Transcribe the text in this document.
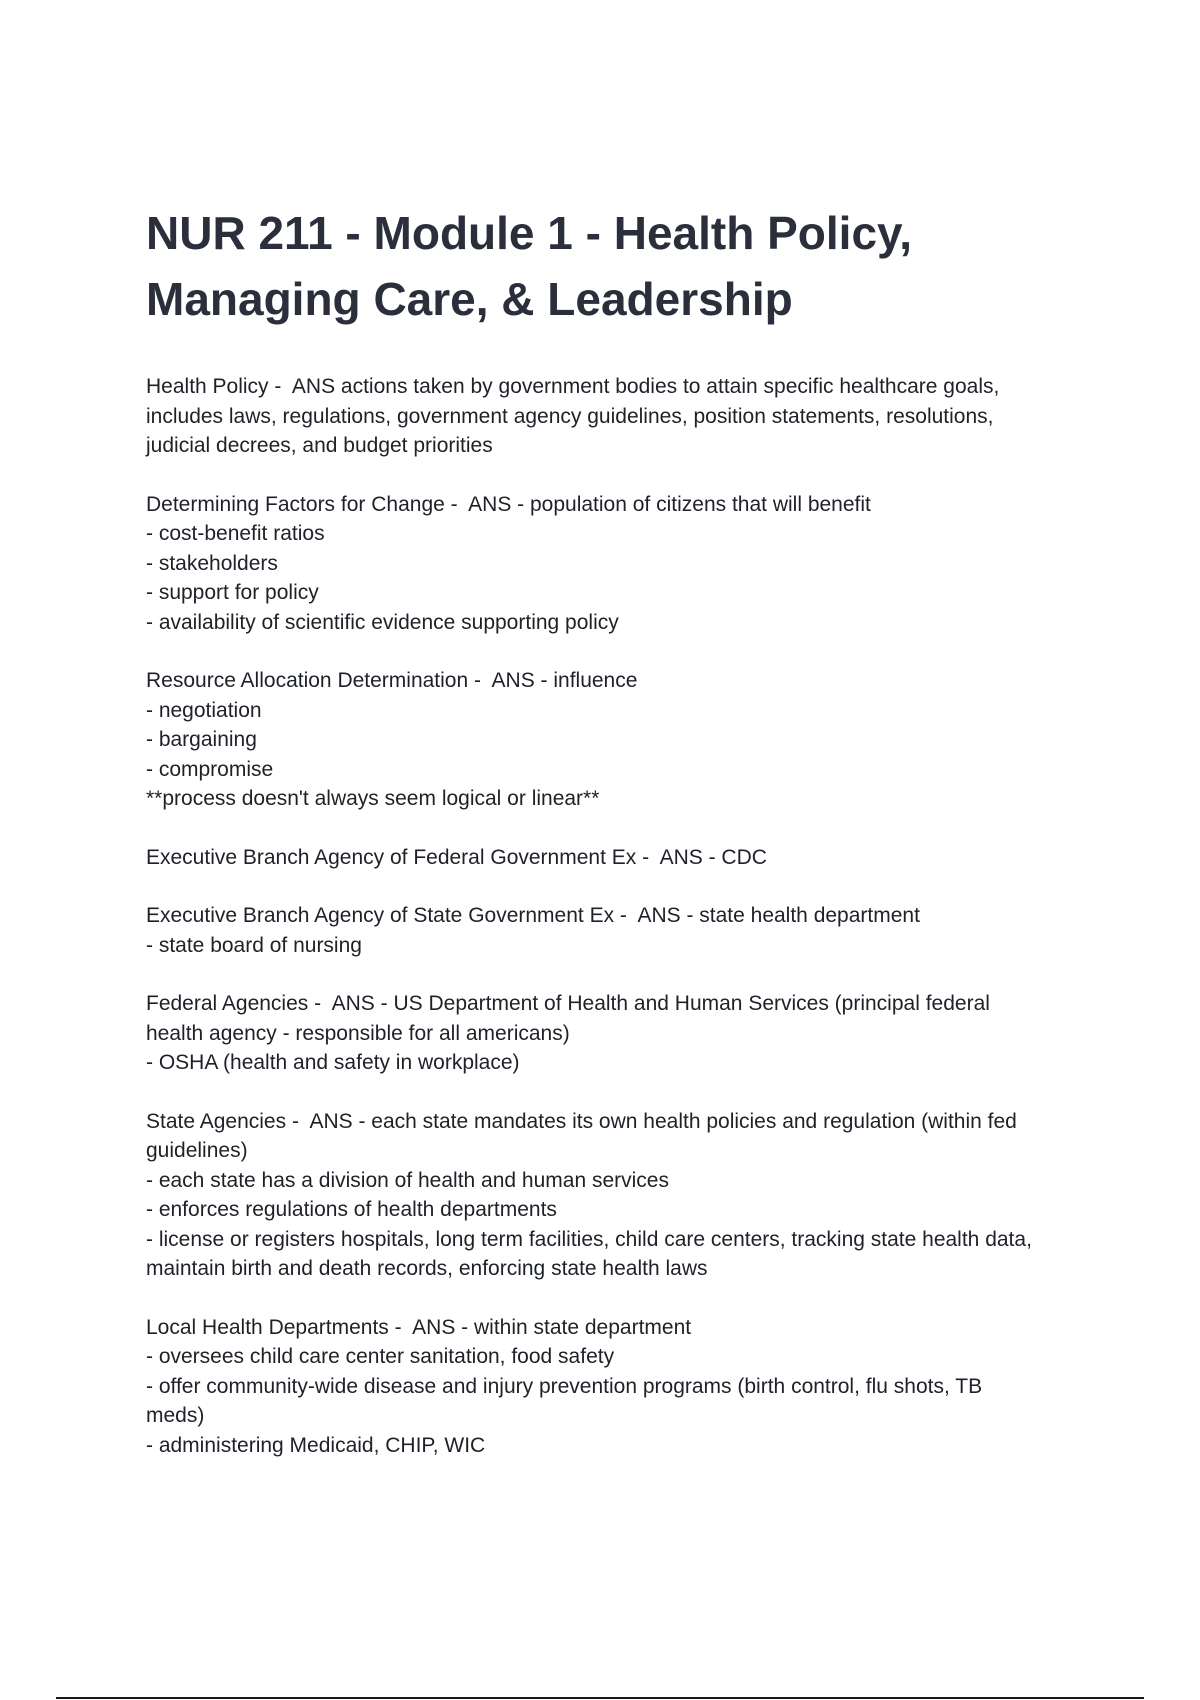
NUR 211 - Module 1 - Health Policy,
Managing Care, & Leadership
Health Policy -  ANS actions taken by government bodies to attain specific healthcare goals,
includes laws, regulations, government agency guidelines, position statements, resolutions,
judicial decrees, and budget priorities
Determining Factors for Change -  ANS - population of citizens that will benefit
- cost-benefit ratios
- stakeholders
- support for policy
- availability of scientific evidence supporting policy
Resource Allocation Determination -  ANS - influence
- negotiation
- bargaining
- compromise
**process doesn't always seem logical or linear**
Executive Branch Agency of Federal Government Ex -  ANS - CDC
Executive Branch Agency of State Government Ex -  ANS - state health department
- state board of nursing
Federal Agencies -  ANS - US Department of Health and Human Services (principal federal
health agency - responsible for all americans)
- OSHA (health and safety in workplace)
State Agencies -  ANS - each state mandates its own health policies and regulation (within fed
guidelines)
- each state has a division of health and human services
- enforces regulations of health departments
- license or registers hospitals, long term facilities, child care centers, tracking state health data,
maintain birth and death records, enforcing state health laws
Local Health Departments -  ANS - within state department
- oversees child care center sanitation, food safety
- offer community-wide disease and injury prevention programs (birth control, flu shots, TB
meds)
- administering Medicaid, CHIP, WIC
